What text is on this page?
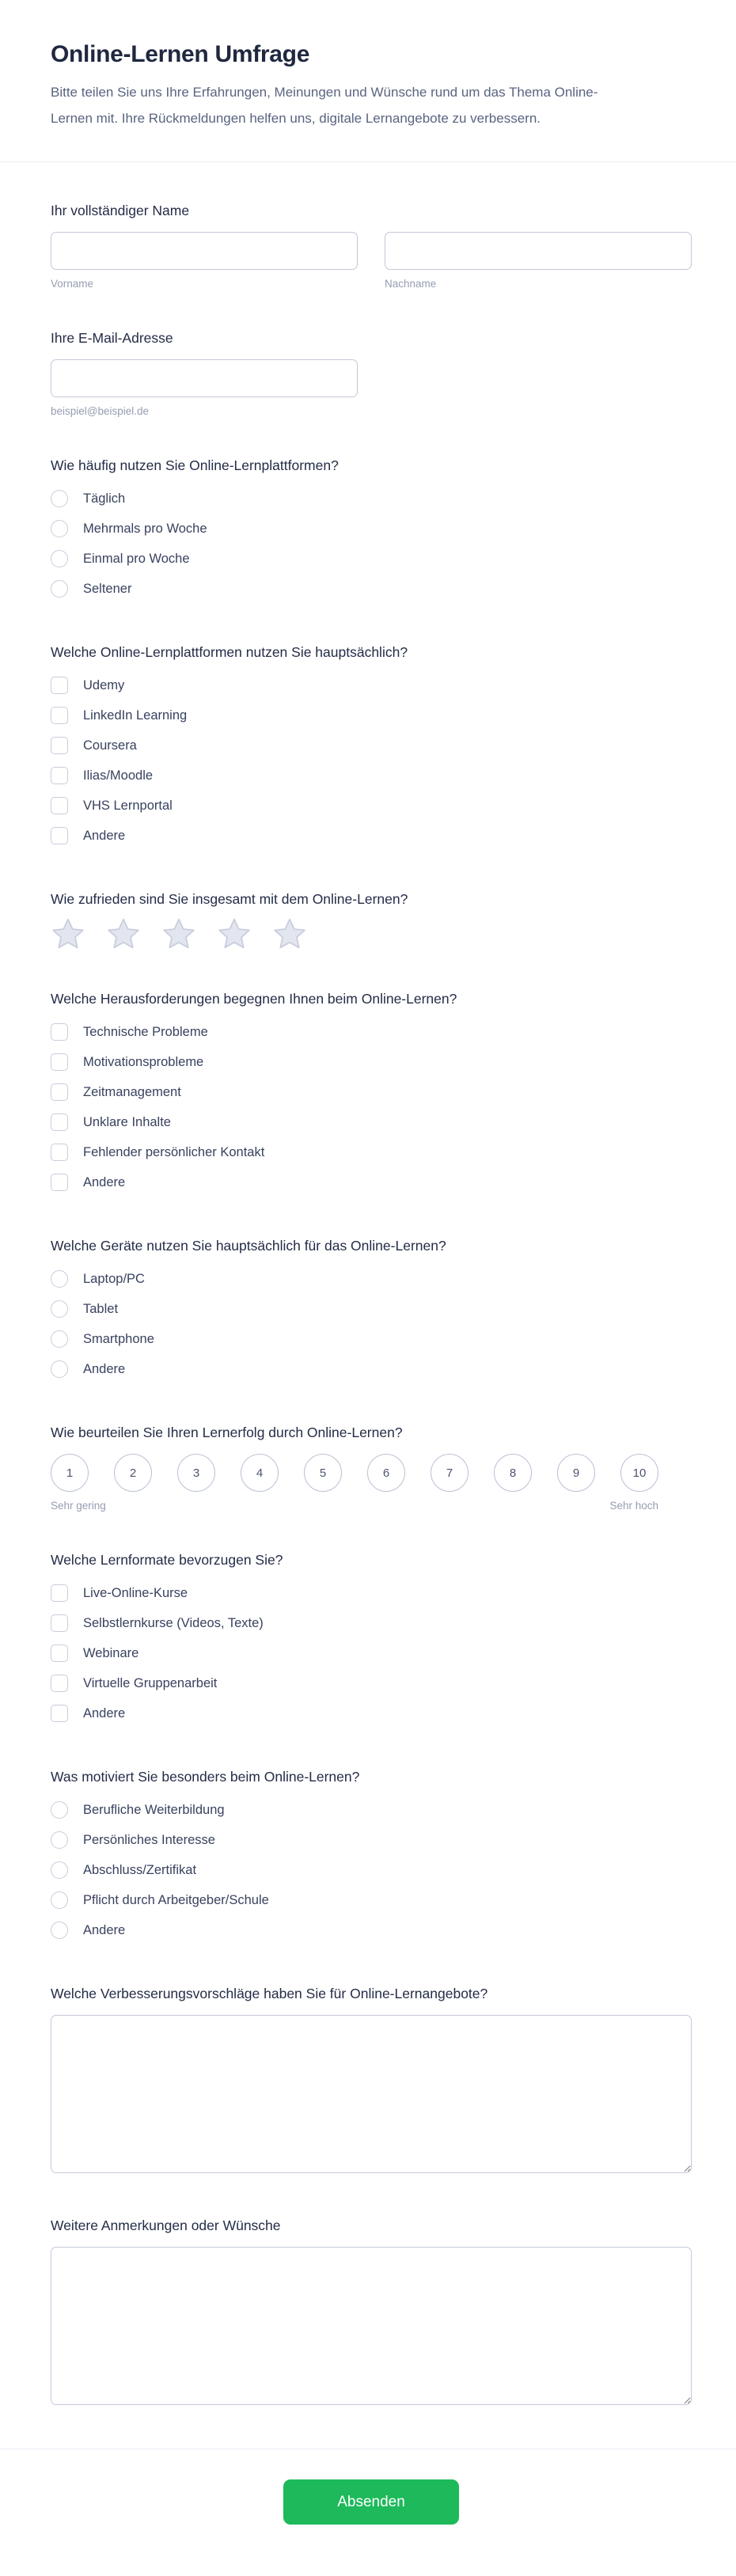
Online-Lernen Umfrage

Bitte teilen Sie uns Ihre Erfahrungen, Meinungen und Wünsche rund um das Thema Online-Lernen mit. Ihre Rückmeldungen helfen uns, digitale Lernangebote zu verbessern.

Ihr vollständiger Name
Vorname	Nachname
Ihre E-Mail-Adresse
beispiel@beispiel.de
Wie häufig nutzen Sie Online-Lernplattformen?
Täglich
Mehrmals pro Woche
Einmal pro Woche
Seltener
Welche Online-Lernplattformen nutzen Sie hauptsächlich?
Udemy
LinkedIn Learning
Coursera
Ilias/Moodle
VHS Lernportal
Andere
Wie zufrieden sind Sie insgesamt mit dem Online-Lernen?
Welche Herausforderungen begegnen Ihnen beim Online-Lernen?
Technische Probleme
Motivationsprobleme
Zeitmanagement
Unklare Inhalte
Fehlender persönlicher Kontakt
Andere
Welche Geräte nutzen Sie hauptsächlich für das Online-Lernen?
Laptop/PC
Tablet
Smartphone
Andere
Wie beurteilen Sie Ihren Lernerfolg durch Online-Lernen?
1	2	3	4	5	6	7	8	9	10
Sehr gering	Sehr hoch
Welche Lernformate bevorzugen Sie?
Live-Online-Kurse
Selbstlernkurse (Videos, Texte)
Webinare
Virtuelle Gruppenarbeit
Andere
Was motiviert Sie besonders beim Online-Lernen?
Berufliche Weiterbildung
Persönliches Interesse
Abschluss/Zertifikat
Pflicht durch Arbeitgeber/Schule
Andere
Welche Verbesserungsvorschläge haben Sie für Online-Lernangebote?
Weitere Anmerkungen oder Wünsche
Absenden
